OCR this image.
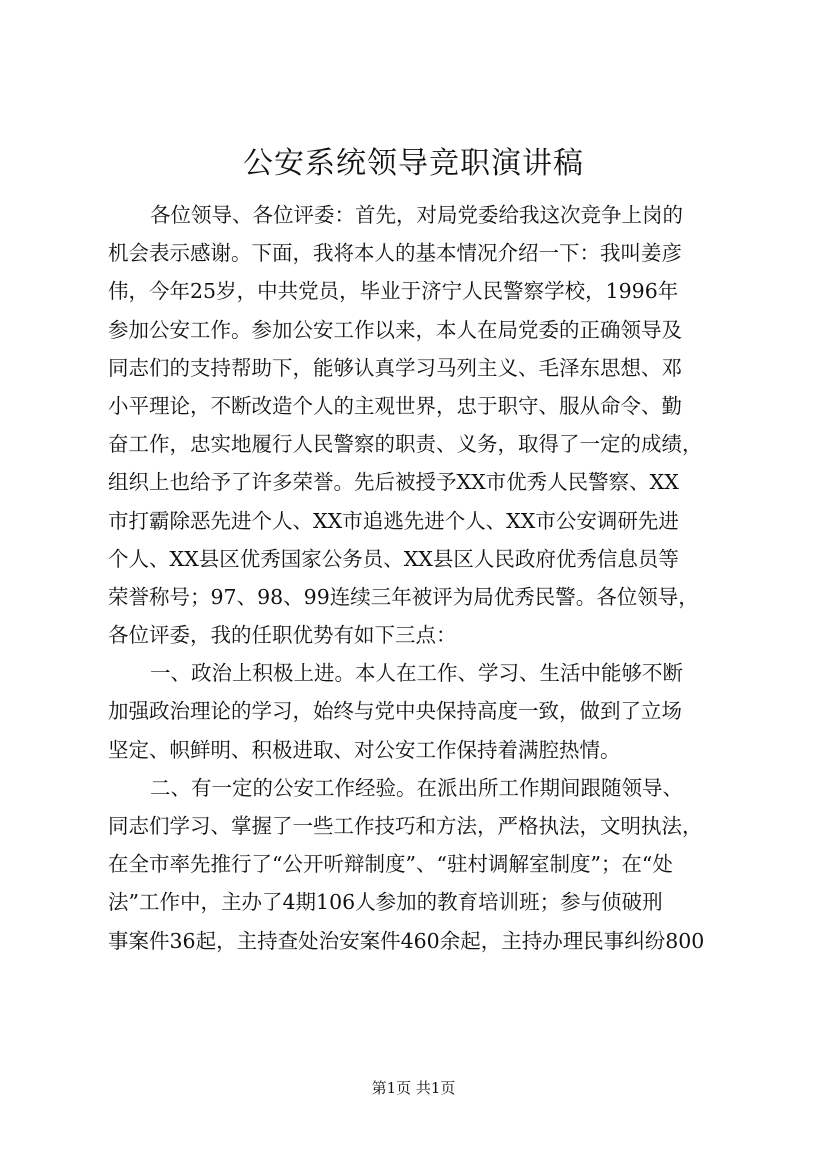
公安系统领导竞职演讲稿
各位领导、各位评委：首先，对局党委给我这次竞争上岗的
机会表示感谢。下面，我将本人的基本情况介绍一下：我叫姜彦
伟，今年25岁，中共党员，毕业于济宁人民警察学校，1996年
参加公安工作。参加公安工作以来，本人在局党委的正确领导及
同志们的支持帮助下，能够认真学习马列主义、毛泽东思想、邓
小平理论，不断改造个人的主观世界，忠于职守、服从命令、勤
奋工作，忠实地履行人民警察的职责、义务，取得了一定的成绩，
组织上也给予了许多荣誉。先后被授予XX市优秀人民警察、XX
市打霸除恶先进个人、XX市追逃先进个人、XX市公安调研先进
个人、XX县区优秀国家公务员、XX县区人民政府优秀信息员等
荣誉称号；97、98、99连续三年被评为局优秀民警。各位领导，
各位评委，我的任职优势有如下三点：
一、政治上积极上进。本人在工作、学习、生活中能够不断
加强政治理论的学习，始终与党中央保持高度一致，做到了立场
坚定、帜鲜明、积极进取、对公安工作保持着满腔热情。
二、有一定的公安工作经验。在派出所工作期间跟随领导、
同志们学习、掌握了一些工作技巧和方法，严格执法，文明执法，
在全市率先推行了“公开听辩制度”、“驻村调解室制度”；在“处
法”工作中，主办了4期106人参加的教育培训班；参与侦破刑
事案件36起，主持查处治安案件460余起，主持办理民事纠纷800
第1页 共1页
